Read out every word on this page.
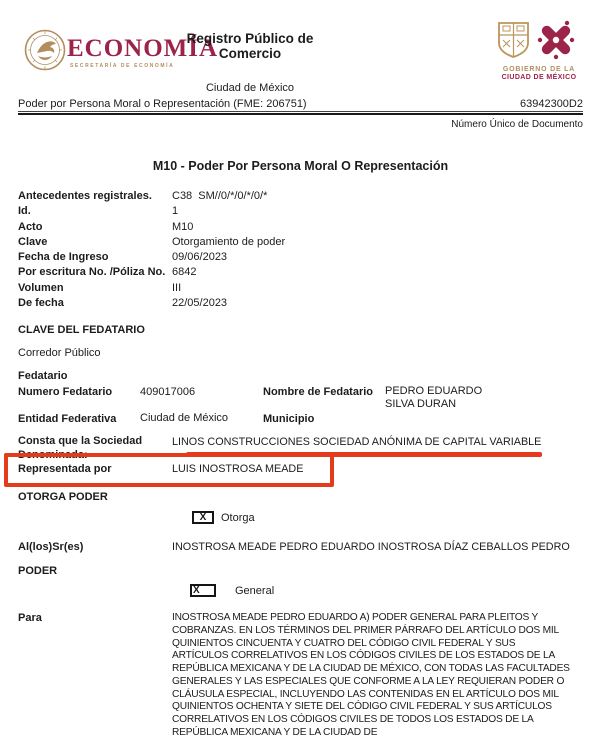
ECONOMÍA
SECRETARÍA DE ECONOMÍA
Registro Público de
Comercio
Ciudad de México
GOBIERNO DE LA
CIUDAD DE MÉXICO
Poder por Persona Moral o Representación (FME: 206751)	63942300D2
Número Único de Documento
M10 - Poder Por Persona Moral O Representación
Antecedentes registrales.	C38  SM//0/*/0/*/0/*
Id.	1
Acto	M10
Clave	Otorgamiento de poder
Fecha de Ingreso	09/06/2023
Por escritura No. /Póliza No. 6842
Volumen	III
De fecha	22/05/2023
CLAVE DEL FEDATARIO
Corredor Público
Fedatario
Numero Fedatario	409017006	Nombre de Fedatario	PEDRO EDUARDO SILVA DURAN
Entidad Federativa	Ciudad de México	Municipio
Consta que la Sociedad Denominada:
LINOS CONSTRUCCIONES SOCIEDAD ANÓNIMA DE CAPITAL VARIABLE
Representada por	LUIS INOSTROSA MEADE
OTORGA PODER
X Otorga
Al(los)Sr(es)	INOSTROSA MEADE PEDRO EDUARDO INOSTROSA DÍAZ CEBALLOS PEDRO
PODER
X	General
Para	INOSTROSA MEADE PEDRO EDUARDO A) PODER GENERAL PARA PLEITOS Y COBRANZAS. EN LOS TÉRMINOS DEL PRIMER PÁRRAFO DEL ARTÍCULO DOS MIL QUINIENTOS CINCUENTA Y CUATRO DEL CÓDIGO CIVIL FEDERAL Y SUS ARTÍCULOS CORRELATIVOS EN LOS CÓDIGOS CIVILES DE LOS ESTADOS DE LA REPÚBLICA MEXICANA Y DE LA CIUDAD DE MÉXICO, CON TODAS LAS FACULTADES GENERALES Y LAS ESPECIALES QUE CONFORME A LA LEY REQUIERAN PODER O CLÁUSULA ESPECIAL, INCLUYENDO LAS CONTENIDAS EN EL ARTÍCULO DOS MIL QUINIENTOS OCHENTA Y SIETE DEL CÓDIGO CIVIL FEDERAL Y SUS ARTÍCULOS CORRELATIVOS EN LOS CÓDIGOS CIVILES DE TODOS LOS ESTADOS DE LA REPÚBLICA MEXICANA Y DE LA CIUDAD DE
